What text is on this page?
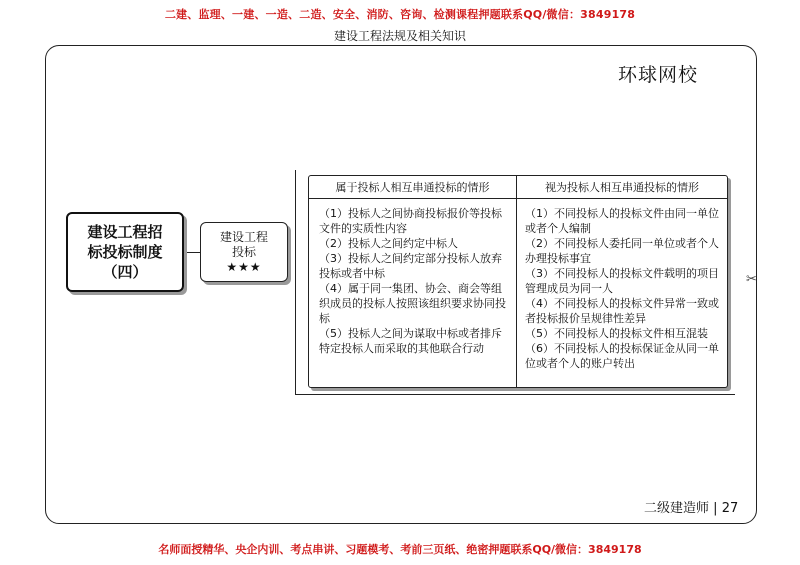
二建、监理、一建、一造、二造、安全、消防、咨询、检测课程押题联系QQ/微信：3849178
建设工程法规及相关知识
环球网校
✂
建设工程招
标投标制度
（四）
建设工程
投标
★★★
属于投标人相互串通投标的情形	视为投标人相互串通投标的情形

（1）投标人之间协商投标报价等投标文件的实质性内容

（2）投标人之间约定中标人

（3）投标人之间约定部分投标人放弃投标或者中标

（4）属于同一集团、协会、商会等组织成员的投标人按照该组织要求协同投标

（5）投标人之间为谋取中标或者排斥特定投标人而采取的其他联合行动

（1）不同投标人的投标文件由同一单位或者个人编制

（2）不同投标人委托同一单位或者个人办理投标事宜

（3）不同投标人的投标文件载明的项目管理成员为同一人

（4）不同投标人的投标文件异常一致或者投标报价呈规律性差异

（5）不同投标人的投标文件相互混装

（6）不同投标人的投标保证金从同一单位或者个人的账户转出

二级建造师 | 27
名师面授精华、央企内训、考点串讲、习题模考、考前三页纸、绝密押题联系QQ/微信：3849178
